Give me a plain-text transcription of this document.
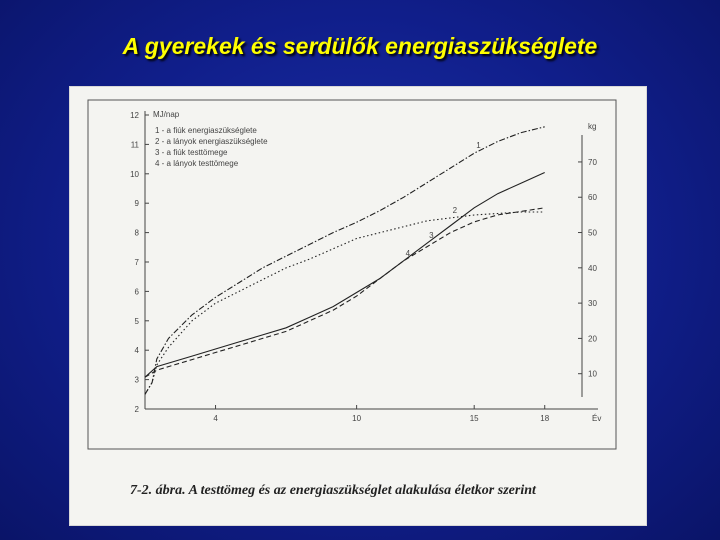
A gyerekek és serdülők energiaszükséglete
2
3
4
5
6
7
8
9
10
11
12 MJ/nap
10
20
30
40
50
60
70
kg
4	10	15	18	Év
1
2
3
4
1 - a fiúk energiaszükséglete
2 - a lányok energiaszükséglete
3 - a fiúk testtömege
4 - a lányok testtömege
7-2. ábra. A testtömeg és az energiaszükséglet alakulása életkor szerint
